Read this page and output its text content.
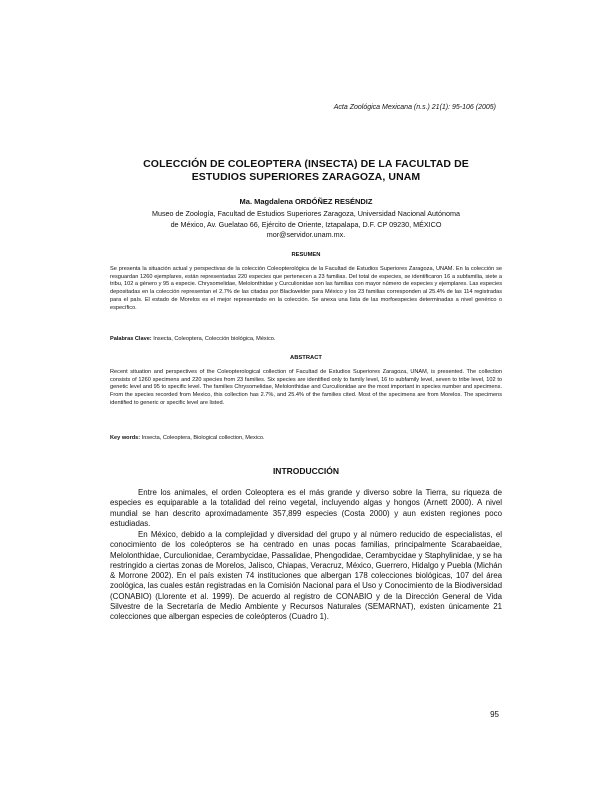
Acta Zoológica Mexicana (n.s.) 21(1): 95-106 (2005)
COLECCIÓN DE COLEOPTERA (INSECTA) DE LA FACULTAD DE
ESTUDIOS SUPERIORES ZARAGOZA, UNAM
Ma. Magdalena ORDÓÑEZ RESÉNDIZ
Museo de Zoología, Facultad de Estudios Superiores Zaragoza, Universidad Nacional Autónoma
de México, Av. Guelatao 66, Ejército de Oriente, Iztapalapa, D.F. CP 09230, MÉXICO
mor@servidor.unam.mx.
RESUMEN
Se presenta la situación actual y perspectivas de la colección Coleopterológica de la Facultad de Estudios Superiores Zaragoza, UNAM. En la colección se resguardan 1260 ejemplares, están representadas 220 especies que pertenecen a 23 familias. Del total de especies, se identificaron 16 a subfamilia, siete a tribu, 102 a género y 95 a especie. Chrysomelidae, Melolonthidae y Curculionidae son las familias con mayor número de especies y ejemplares. Las especies depositadas en la colección representan el 2.7% de las citadas por Blackwelder para México y los 23 familias corresponden al 25.4% de las 114 registradas para el país. El estado de Morelos es el mejor representado en la colección. Se anexa una lista de las morfoespecies determinadas a nivel genérico o específico.
Palabras Clave: Insecta, Coleoptera, Colección biológica, México.
ABSTRACT
Recent situation and perspectives of the Coleopterological collection of Facultad de Estudios Superiores Zaragoza, UNAM, is presented. The collection consists of 1260 specimens and 220 species from 23 families. Six species are identified only to family level, 16 to subfamily level, seven to tribe level, 102 to genetic level and 95 to specific level. The families Chrysomelidae, Melolonthidae and Curculionidae are the most important in species number and specimens. From the species recorded from Mexico, this collection has 2.7%, and 25.4% of the families cited. Most of the specimens are from Morelos. The specimens identified to generic or specific level are listed.
Key words: Insecta, Coleoptera, Biological collection, Mexico.
INTRODUCCIÓN

Entre los animales, el orden Coleoptera es el más grande y diverso sobre la Tierra, su riqueza de especies es equiparable a la totalidad del reino vegetal, incluyendo algas y hongos (Arnett 2000). A nivel mundial se han descrito aproximadamente 357,899 especies (Costa 2000) y aun existen regiones poco estudiadas.

En México, debido a la complejidad y diversidad del grupo y al número reducido de especialistas, el conocimiento de los coleópteros se ha centrado en unas pocas familias, principalmente Scarabaeidae, Melolonthidae, Curculionidae, Cerambycidae, Passalidae, Phengodidae, Cerambycidae y Staphylinidae, y se ha restringido a ciertas zonas de Morelos, Jalisco, Chiapas, Veracruz, México, Guerrero, Hidalgo y Puebla (Michán & Morrone 2002). En el país existen 74 instituciones que albergan 178 colecciones biológicas, 107 del área zoológica, las cuales están registradas en la Comisión Nacional para el Uso y Conocimiento de la Biodiversidad (CONABIO) (Llorente et al. 1999). De acuerdo al registro de CONABIO y de la Dirección General de Vida Silvestre de la Secretaría de Medio Ambiente y Recursos Naturales (SEMARNAT), existen únicamente 21 colecciones que albergan especies de coleópteros (Cuadro 1).

95
